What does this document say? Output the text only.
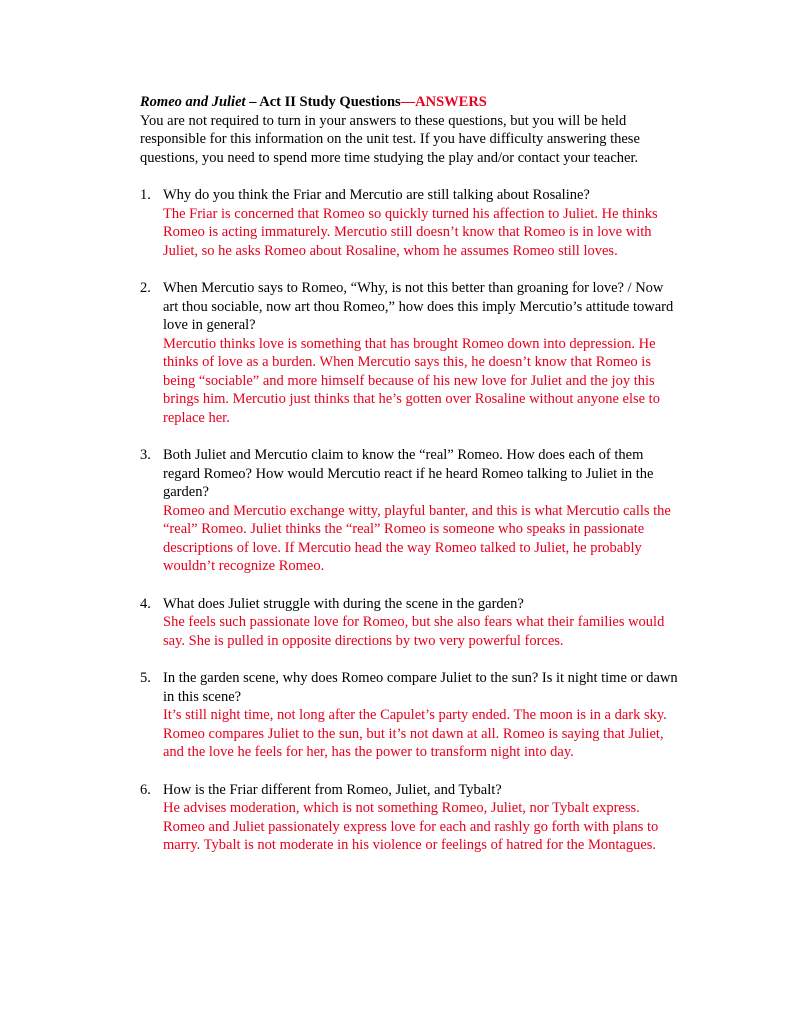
Romeo and Juliet – Act II Study Questions—ANSWERS

You are not required to turn in your answers to these questions, but you will be held responsible for this information on the unit test. If you have difficulty answering these questions, you need to spend more time studying the play and/or contact your teacher.

1. Why do you think the Friar and Mercutio are still talking about Rosaline?
The Friar is concerned that Romeo so quickly turned his affection to Juliet. He thinks Romeo is acting immaturely. Mercutio still doesn’t know that Romeo is in love with Juliet, so he asks Romeo about Rosaline, whom he assumes Romeo still loves.
2. When Mercutio says to Romeo, “Why, is not this better than groaning for love? / Now art thou sociable, now art thou Romeo,” how does this imply Mercutio’s attitude toward love in general?
Mercutio thinks love is something that has brought Romeo down into depression. He thinks of love as a burden. When Mercutio says this, he doesn’t know that Romeo is being “sociable” and more himself because of his new love for Juliet and the joy this brings him. Mercutio just thinks that he’s gotten over Rosaline without anyone else to replace her.
3. Both Juliet and Mercutio claim to know the “real” Romeo. How does each of them regard Romeo? How would Mercutio react if he heard Romeo talking to Juliet in the garden?
Romeo and Mercutio exchange witty, playful banter, and this is what Mercutio calls the “real” Romeo. Juliet thinks the “real” Romeo is someone who speaks in passionate descriptions of love. If Mercutio head the way Romeo talked to Juliet, he probably wouldn’t recognize Romeo.
4. What does Juliet struggle with during the scene in the garden?
She feels such passionate love for Romeo, but she also fears what their families would say. She is pulled in opposite directions by two very powerful forces.
5. In the garden scene, why does Romeo compare Juliet to the sun? Is it night time or dawn in this scene?
It’s still night time, not long after the Capulet’s party ended. The moon is in a dark sky. Romeo compares Juliet to the sun, but it’s not dawn at all. Romeo is saying that Juliet, and the love he feels for her, has the power to transform night into day.
6. How is the Friar different from Romeo, Juliet, and Tybalt?
He advises moderation, which is not something Romeo, Juliet, nor Tybalt express. Romeo and Juliet passionately express love for each and rashly go forth with plans to marry. Tybalt is not moderate in his violence or feelings of hatred for the Montagues.
